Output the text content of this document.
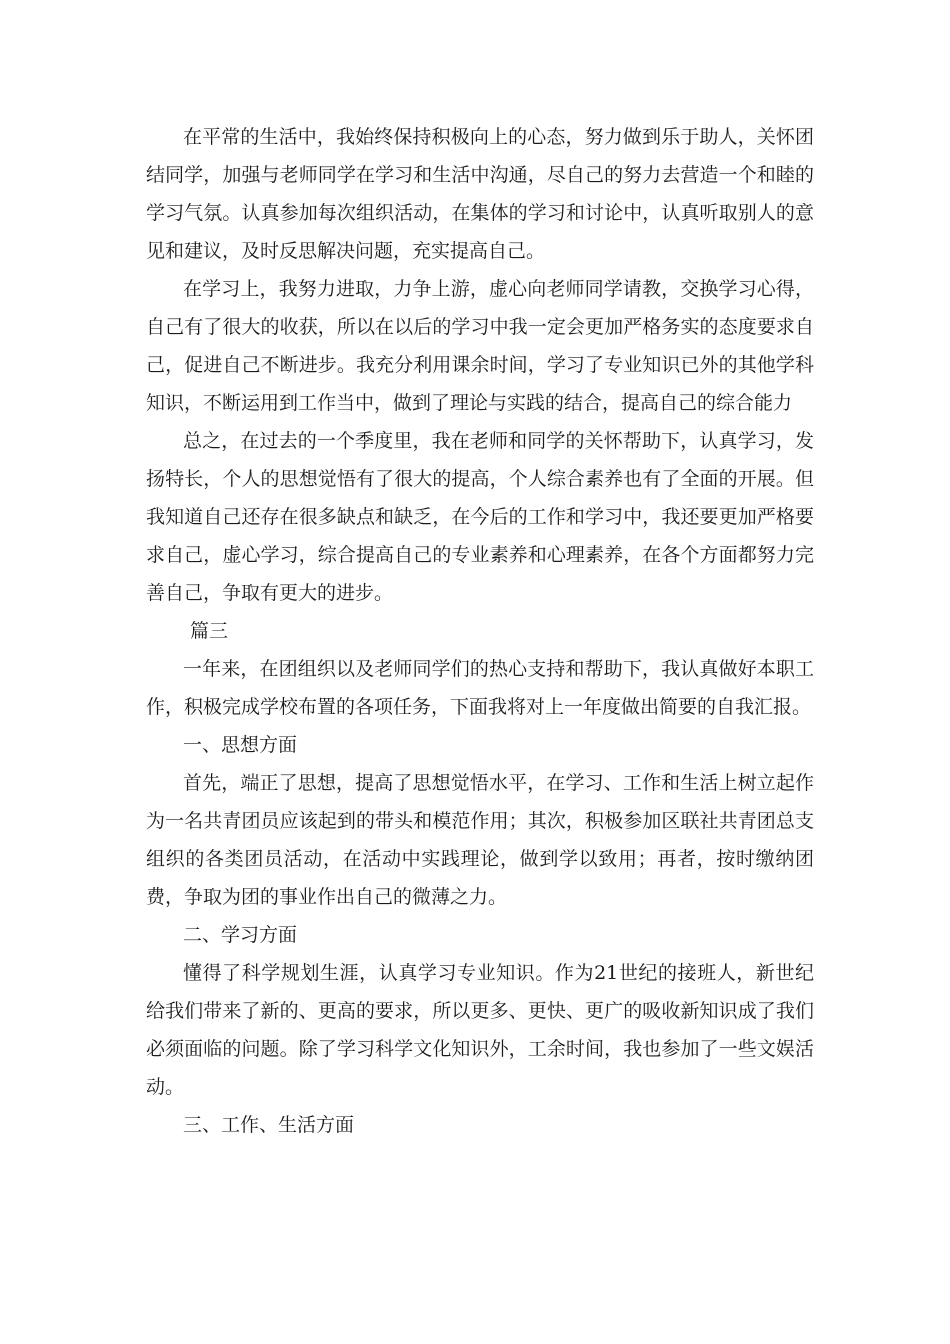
在平常的生活中，我始终保持积极向上的心态，努力做到乐于助人，关怀团结同学，加强与老师同学在学习和生活中沟通，尽自己的努力去营造一个和睦的学习气氛。认真参加每次组织活动，在集体的学习和讨论中，认真听取别人的意见和建议，及时反思解决问题，充实提高自己。

在学习上，我努力进取，力争上游，虚心向老师同学请教，交换学习心得，自己有了很大的收获，所以在以后的学习中我一定会更加严格务实的态度要求自己，促进自己不断进步。我充分利用课余时间，学习了专业知识已外的其他学科知识，不断运用到工作当中，做到了理论与实践的结合，提高自己的综合能力

总之，在过去的一个季度里，我在老师和同学的关怀帮助下，认真学习，发扬特长，个人的思想觉悟有了很大的提高，个人综合素养也有了全面的开展。但我知道自己还存在很多缺点和缺乏，在今后的工作和学习中，我还要更加严格要求自己，虚心学习，综合提高自己的专业素养和心理素养，在各个方面都努力完善自己，争取有更大的进步。

篇三

一年来，在团组织以及老师同学们的热心支持和帮助下，我认真做好本职工作，积极完成学校布置的各项任务，下面我将对上一年度做出简要的自我汇报。

一、思想方面

首先，端正了思想，提高了思想觉悟水平，在学习、工作和生活上树立起作为一名共青团员应该起到的带头和模范作用；其次，积极参加区联社共青团总支组织的各类团员活动，在活动中实践理论，做到学以致用；再者，按时缴纳团费，争取为团的事业作出自己的微薄之力。

二、学习方面

懂得了科学规划生涯，认真学习专业知识。作为21世纪的接班人，新世纪给我们带来了新的、更高的要求，所以更多、更快、更广的吸收新知识成了我们必须面临的问题。除了学习科学文化知识外，工余时间，我也参加了一些文娱活动。

三、工作、生活方面
